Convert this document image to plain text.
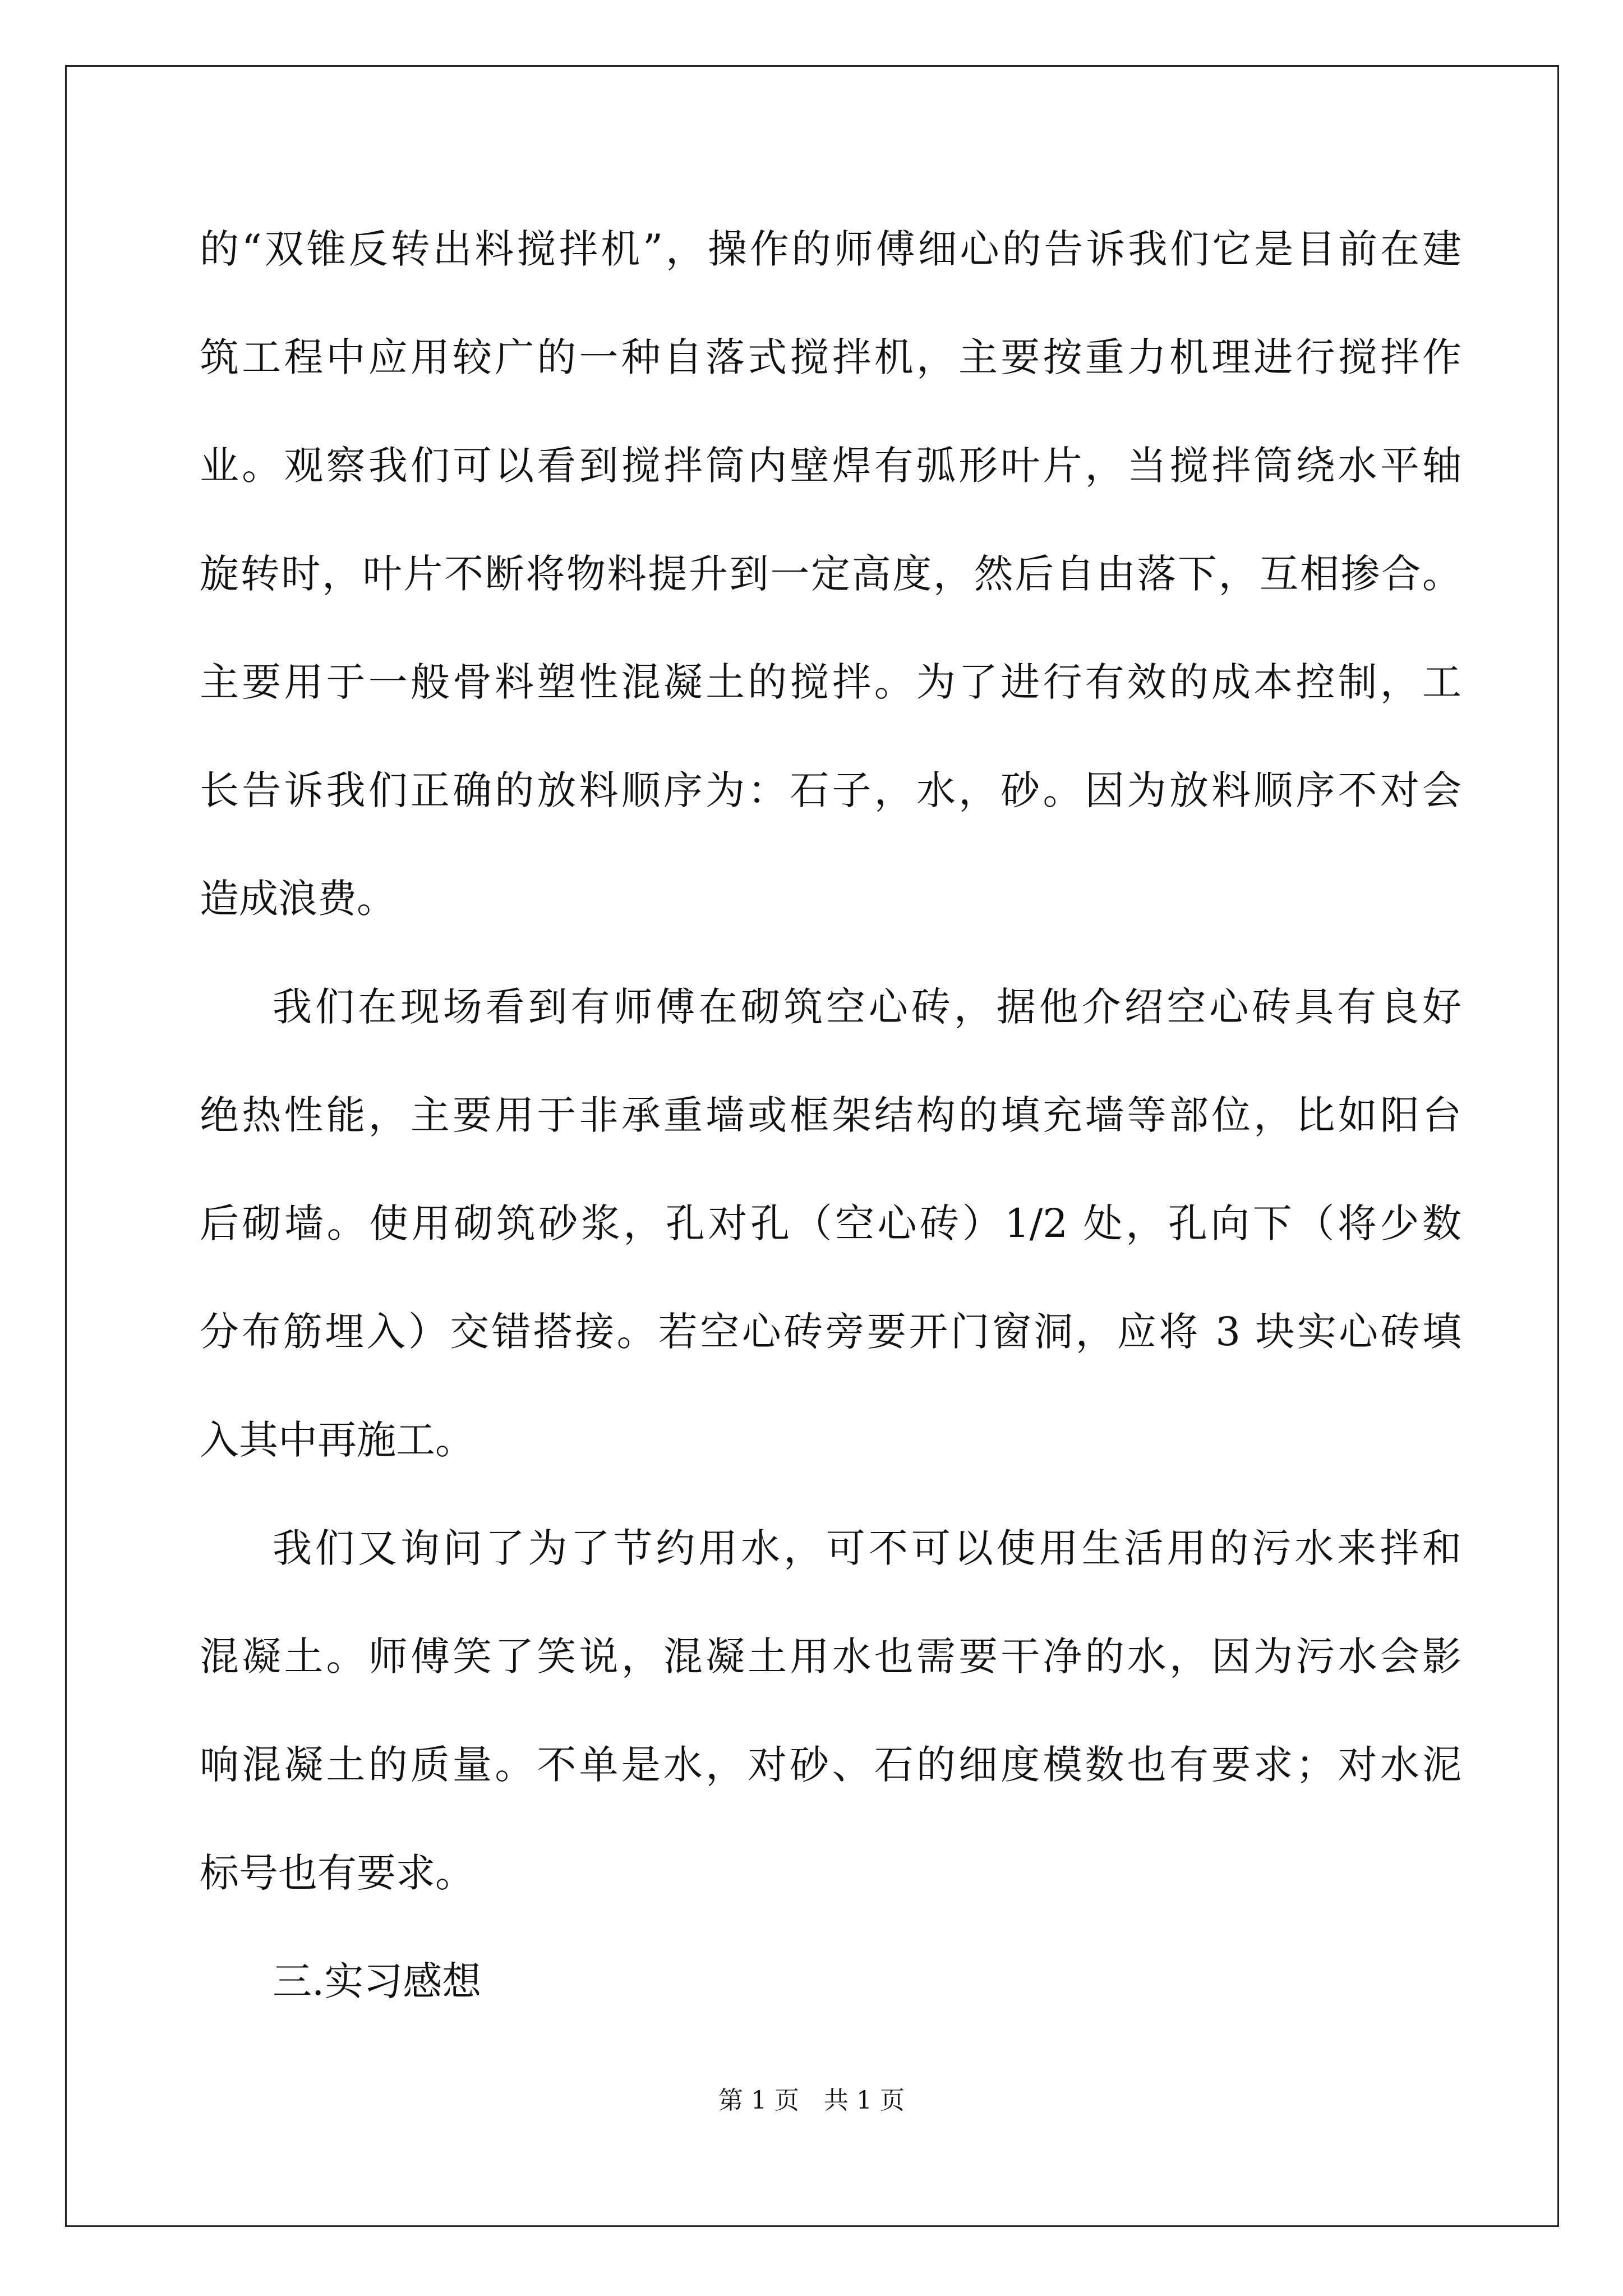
的“双锥反转出料搅拌机”，操作的师傅细心的告诉我们它是目前在建
筑工程中应用较广的一种自落式搅拌机，主要按重力机理进行搅拌作
业。观察我们可以看到搅拌筒内壁焊有弧形叶片，当搅拌筒绕水平轴
旋转时，叶片不断将物料提升到一定高度，然后自由落下，互相掺合。
主要用于一般骨料塑性混凝土的搅拌。为了进行有效的成本控制，工
长告诉我们正确的放料顺序为：石子，水，砂。因为放料顺序不对会
造成浪费。
我们在现场看到有师傅在砌筑空心砖，据他介绍空心砖具有良好
绝热性能，主要用于非承重墙或框架结构的填充墙等部位，比如阳台
后砌墙。使用砌筑砂浆，孔对孔（空心砖）1/2 处，孔向下（将少数
分布筋埋入）交错搭接。若空心砖旁要开门窗洞，应将 3 块实心砖填
入其中再施工。
我们又询问了为了节约用水，可不可以使用生活用的污水来拌和
混凝土。师傅笑了笑说，混凝土用水也需要干净的水，因为污水会影
响混凝土的质量。不单是水，对砂、石的细度模数也有要求；对水泥
标号也有要求。
三.实习感想
第 1 页　共 1 页
